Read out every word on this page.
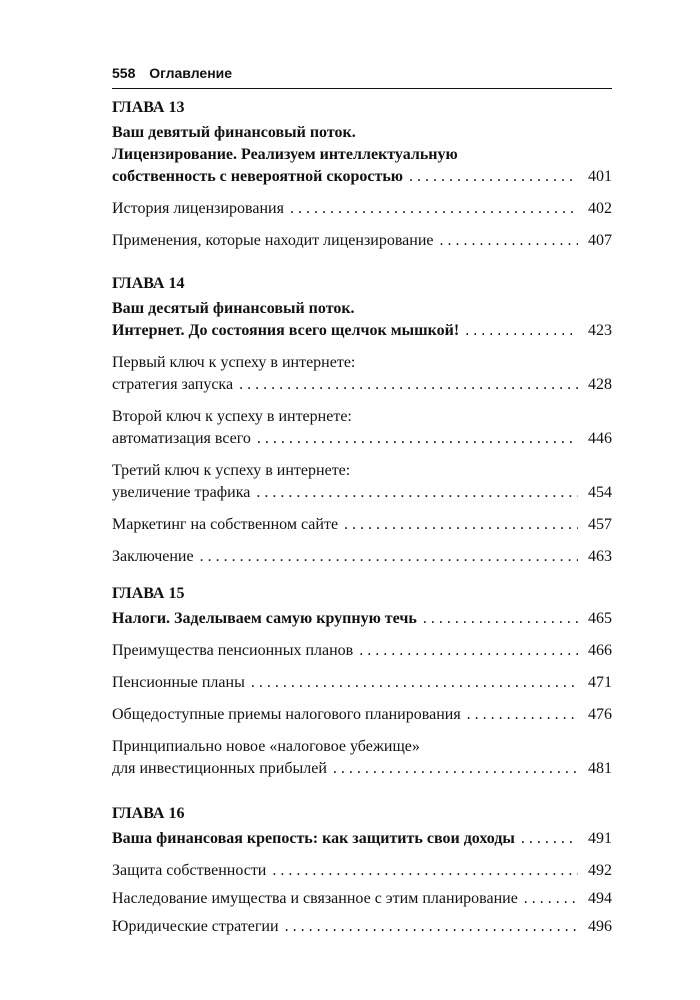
558 Оглавление
ГЛАВА 13
Ваш девятый финансовый поток.
Лицензирование. Реализуем интеллектуальную
собственность с невероятной скоростью . . .	401
История лицензирования . . .	402
Применения, которые находит лицензирование . . .	407
ГЛАВА 14
Ваш десятый финансовый поток.
Интернет. До состояния всего щелчок мышкой! . . .	423
Первый ключ к успеху в интернете:
стратегия запуска . . .	428
Второй ключ к успеху в интернете:
автоматизация всего . . .	446
Третий ключ к успеху в интернете:
увеличение трафика . . .	454
Маркетинг на собственном сайте . . .	457
Заключение . . .	463
ГЛАВА 15
Налоги. Заделываем самую крупную течь . . .	465
Преимущества пенсионных планов . . .	466
Пенсионные планы . . .	471
Общедоступные приемы налогового планирования . . .	476
Принципиально новое «налоговое убежище»
для инвестиционных прибылей . . .	481
ГЛАВА 16
Ваша финансовая крепость: как защитить свои доходы . . .	491
Защита собственности . . .	492
Наследование имущества и связанное с этим планирование . . .	494
Юридические стратегии . . .	496
